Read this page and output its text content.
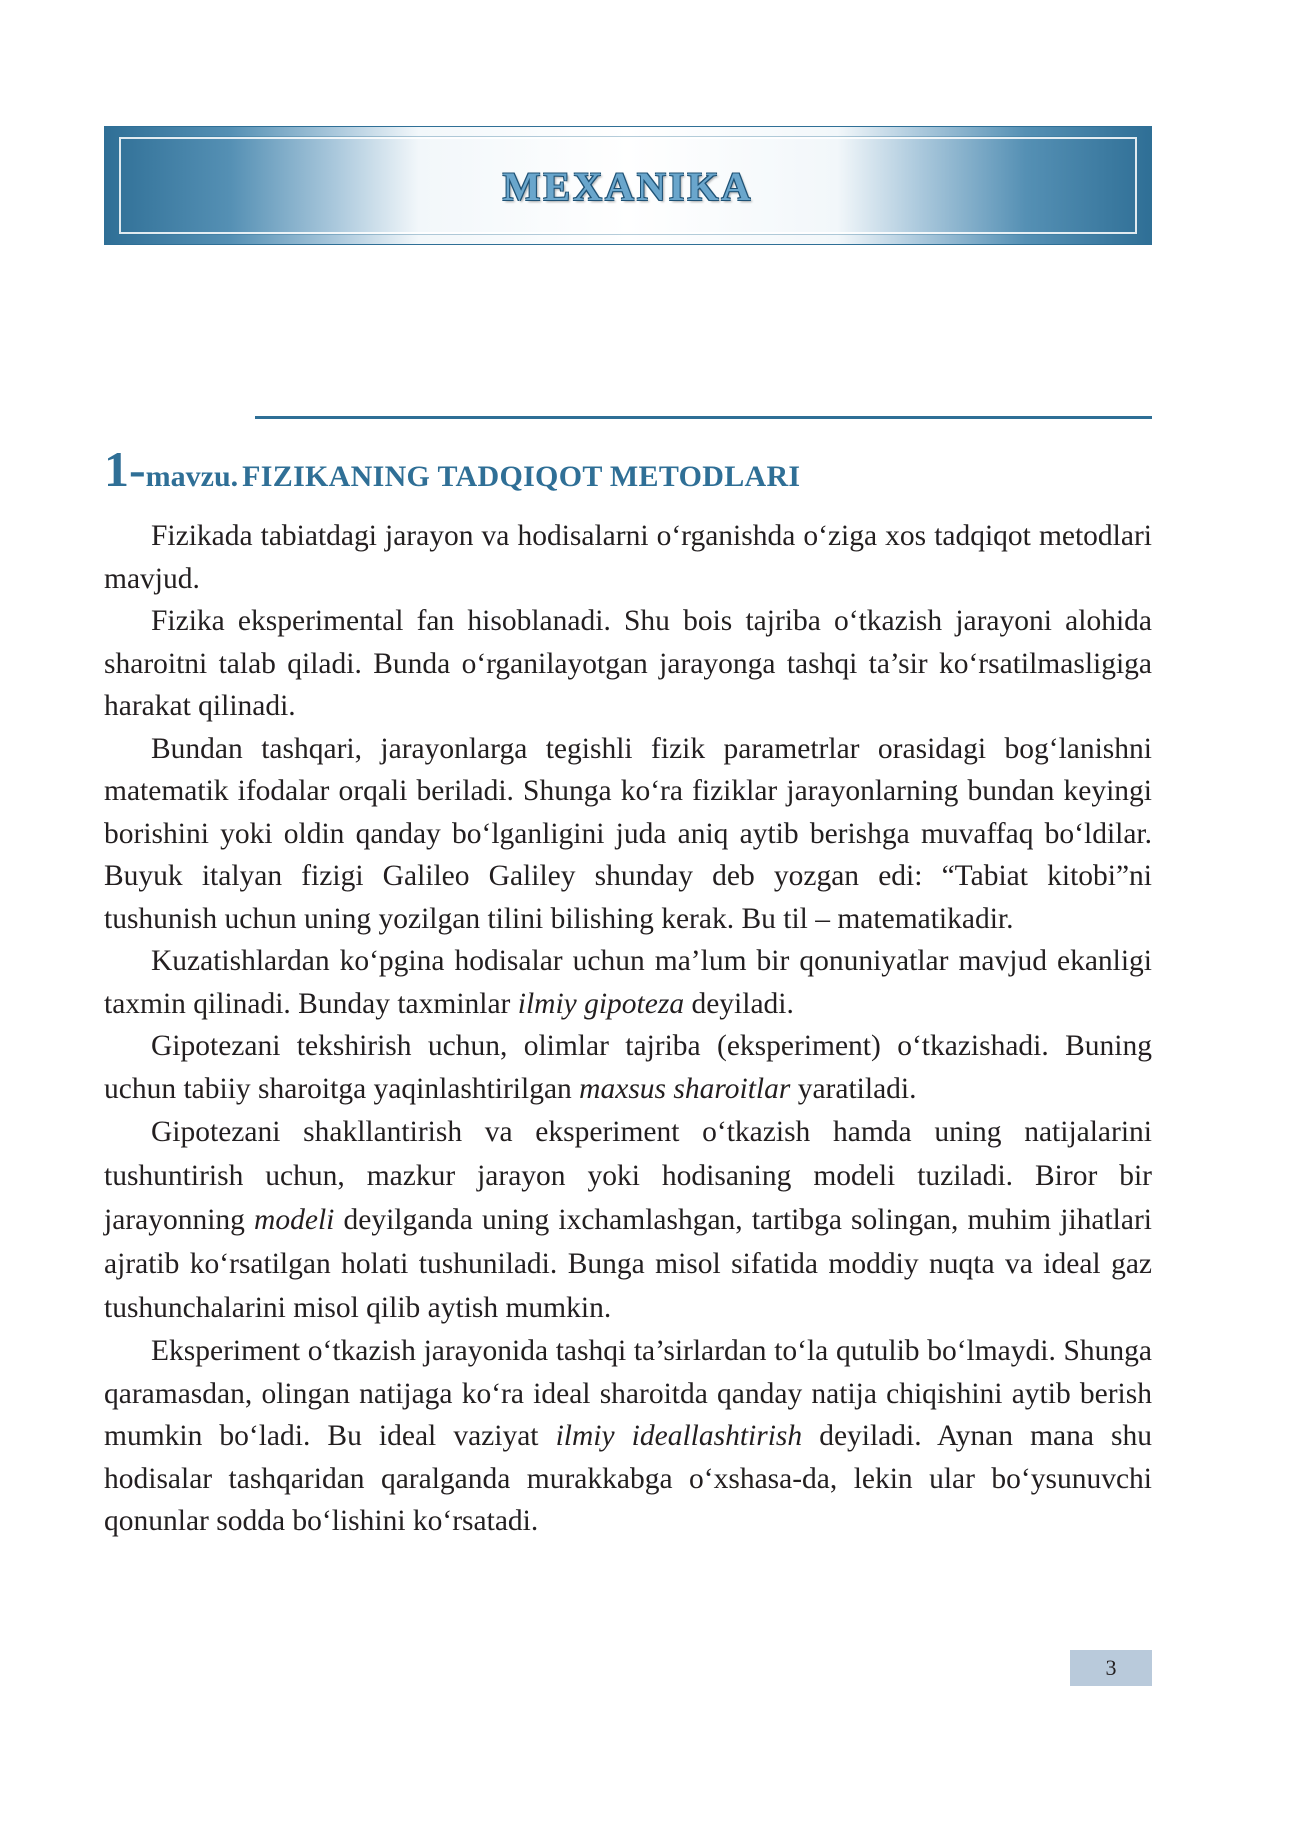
MEXANIKA
1-mavzu. FIZIKANING TADQIQOT METODLARI

Fizikada tabiatdagi jarayon va hodisalarni o‘rganishda o‘ziga xos tadqiqot metodlari mavjud.

Fizika eksperimental fan hisoblanadi. Shu bois tajriba o‘tkazish jarayoni alohida sharoitni talab qiladi. Bunda o‘rganilayotgan jarayonga tashqi ta’sir ko‘rsatilmasligiga harakat qilinadi.

Bundan tashqari, jarayonlarga tegishli fizik parametrlar orasidagi bog‘lanishni matematik ifodalar orqali beriladi. Shunga ko‘ra fiziklar jarayonlarning bundan keyingi borishini yoki oldin qanday bo‘lganligini juda aniq aytib berishga muvaffaq bo‘ldilar. Buyuk italyan fizigi Galileo Galiley shunday deb yozgan edi: “Tabiat kitobi”ni tushunish uchun uning yozilgan tilini bilishing kerak. Bu til – matematikadir.

Kuzatishlardan ko‘pgina hodisalar uchun ma’lum bir qonuniyatlar mavjud ekanligi taxmin qilinadi. Bunday taxminlar ilmiy gipoteza deyiladi.

Gipotezani tekshirish uchun, olimlar tajriba (eksperiment) o‘tkazishadi. Buning uchun tabiiy sharoitga yaqinlashtirilgan maxsus sharoitlar yaratiladi.

Gipotezani shakllantirish va eksperiment o‘tkazish hamda uning natijalarini tushuntirish uchun, mazkur jarayon yoki hodisaning modeli tuziladi. Biror bir jarayonning modeli deyilganda uning ixchamlashgan, tartibga solingan, muhim jihatlari ajratib ko‘rsatilgan holati tushuniladi. Bunga misol sifatida moddiy nuqta va ideal gaz tushunchalarini misol qilib aytish mumkin.

Eksperiment o‘tkazish jarayonida tashqi ta’sirlardan to‘la qutulib bo‘lmaydi. Shunga qaramasdan, olingan natijaga ko‘ra ideal sharoitda qanday natija chiqishini aytib berish mumkin bo‘ladi. Bu ideal vaziyat ilmiy ideallashtirish deyiladi. Aynan mana shu hodisalar tashqaridan qaralganda murakkabga o‘xshasa-da, lekin ular bo‘ysunuvchi qonunlar sodda bo‘lishini ko‘rsatadi.

3
